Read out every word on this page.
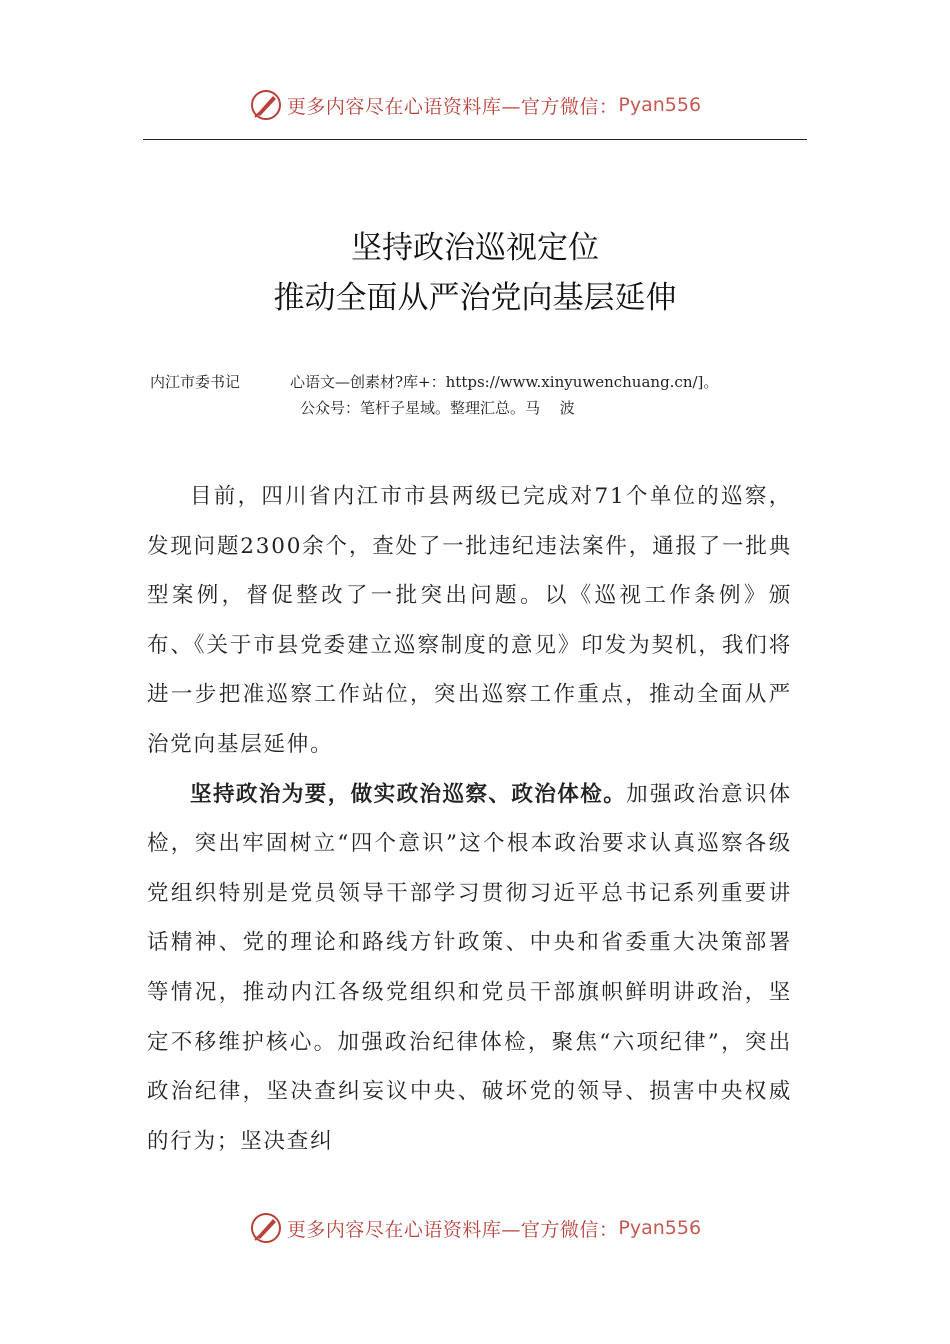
更多内容尽在心语资料库—官方微信： Pyan556
坚持政治巡视定位
推动全面从严治党向基层延伸
内江市委书记	心语文—创素材?库+：https://www.xinyuwenchuang.cn/]。
公众号：笔杆子星域。整理汇总。马　 波

目前，四川省内江市市县两级已完成对71个单位的巡察，发现问题2300余个，查处了一批违纪违法案件，通报了一批典型案例，督促整改了一批突出问题。以《巡视工作条例》颁布、《关于市县党委建立巡察制度的意见》印发为契机，我们将进一步把准巡察工作站位，突出巡察工作重点，推动全面从严治党向基层延伸。

坚持政治为要，做实政治巡察、政治体检。加强政治意识体检，突出牢固树立“四个意识”这个根本政治要求认真巡察各级党组织特别是党员领导干部学习贯彻习近平总书记系列重要讲话精神、党的理论和路线方针政策、中央和省委重大决策部署等情况，推动内江各级党组织和党员干部旗帜鲜明讲政治，坚定不移维护核心。加强政治纪律体检，聚焦“六项纪律”，突出政治纪律，坚决查纠妄议中央、破坏党的领导、损害中央权威的行为；坚决查纠

更多内容尽在心语资料库—官方微信： Pyan556
